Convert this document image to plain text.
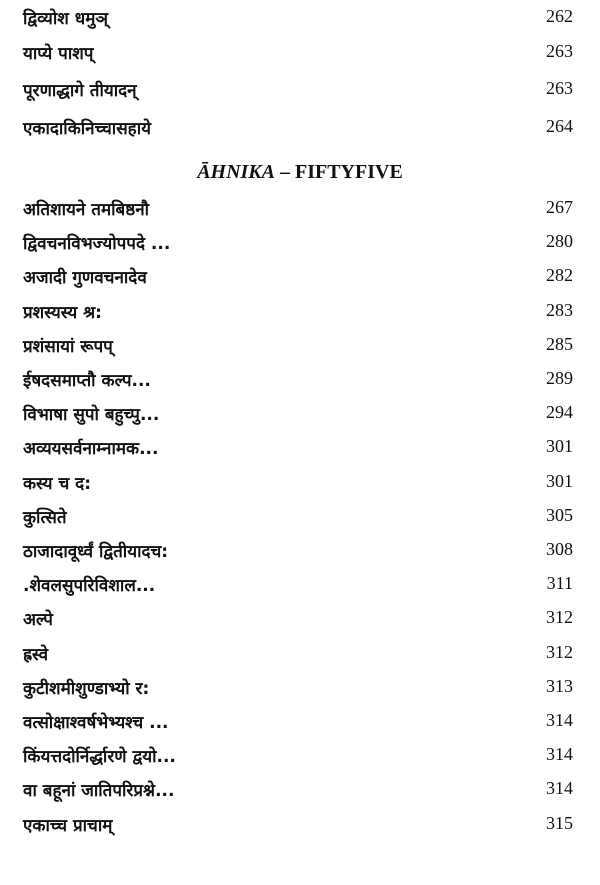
द्विव्योश धमुञ्	262
याप्ये पाशप्	263
पूरणाद्धागे तीयादन्	263
एकादाकिनिच्चासहाये	264
ĀHNIKA – FIFTYFIVE
अतिशायने तमबिष्ठनौ	267
द्विवचनविभज्योपपदे ...	280
अजादी गुणवचनादेव	282
प्रशस्यस्य श्र:	283
प्रशंसायां रूपप्	285
ईषदसमाप्तौ कल्प...	289
विभाषा सुपो बहुच्पु...	294
अव्ययसर्वनाम्नामक...	301
कस्य च द:	301
कुत्सिते	305
ठाजादावूर्ध्वं द्वितीयादच:	308
.शेवलसुपरिविशाल...	311
अल्पे	312
ह्रस्वे	312
कुटीशमीशुण्डाभ्यो र:	313
वत्सोक्षाश्वर्षभेभ्यश्च ...	314
किंयत्तदोर्निर्द्धारणे द्वयो...	314
वा बहूनां जातिपरिप्रश्ने...	314
एकाच्च प्राचाम्	315
